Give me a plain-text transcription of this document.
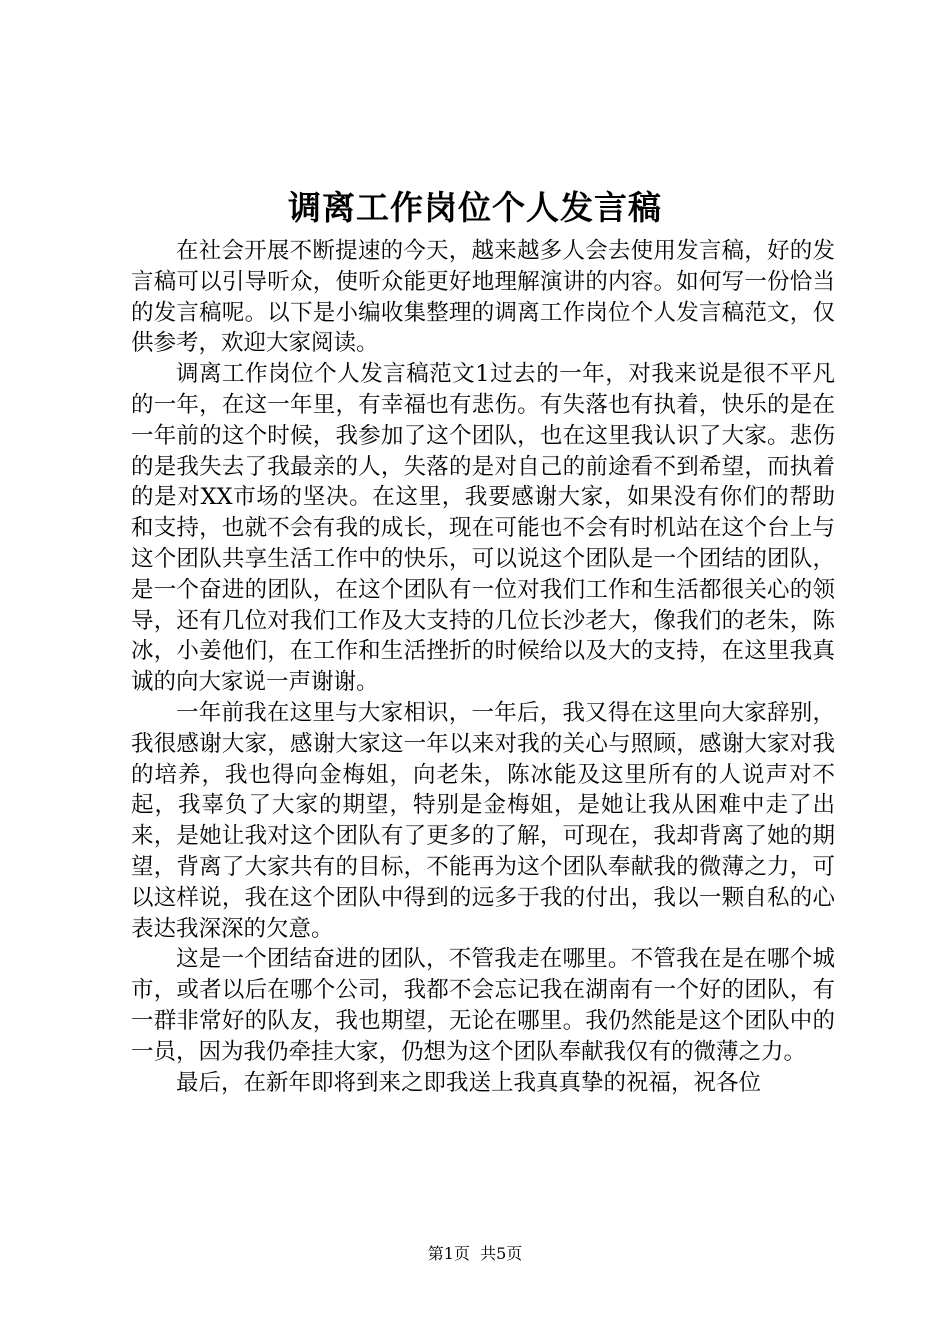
调离工作岗位个人发言稿

在社会开展不断提速的今天，越来越多人会去使用发言稿，好的发言稿可以引导听众，使听众能更好地理解演讲的内容。如何写一份恰当的发言稿呢。以下是小编收集整理的调离工作岗位个人发言稿范文，仅供参考，欢迎大家阅读。

调离工作岗位个人发言稿范文1过去的一年，对我来说是很不平凡的一年，在这一年里，有幸福也有悲伤。有失落也有执着，快乐的是在一年前的这个时候，我参加了这个团队，也在这里我认识了大家。悲伤的是我失去了我最亲的人，失落的是对自己的前途看不到希望，而执着的是对XX市场的坚决。在这里，我要感谢大家，如果没有你们的帮助和支持，也就不会有我的成长，现在可能也不会有时机站在这个台上与这个团队共享生活工作中的快乐，可以说这个团队是一个团结的团队，是一个奋进的团队，在这个团队有一位对我们工作和生活都很关心的领导，还有几位对我们工作及大支持的几位长沙老大，像我们的老朱，陈冰，小姜他们，在工作和生活挫折的时候给以及大的支持，在这里我真诚的向大家说一声谢谢。

一年前我在这里与大家相识，一年后，我又得在这里向大家辞别，我很感谢大家，感谢大家这一年以来对我的关心与照顾，感谢大家对我的培养，我也得向金梅姐，向老朱，陈冰能及这里所有的人说声对不起，我辜负了大家的期望，特别是金梅姐，是她让我从困难中走了出来，是她让我对这个团队有了更多的了解，可现在，我却背离了她的期望，背离了大家共有的目标，不能再为这个团队奉献我的微薄之力，可以这样说，我在这个团队中得到的远多于我的付出，我以一颗自私的心表达我深深的欠意。

这是一个团结奋进的团队，不管我走在哪里。不管我在是在哪个城市，或者以后在哪个公司，我都不会忘记我在湖南有一个好的团队，有一群非常好的队友，我也期望，无论在哪里。我仍然能是这个团队中的一员，因为我仍牵挂大家，仍想为这个团队奉献我仅有的微薄之力。

最后，在新年即将到来之即我送上我真真挚的祝福，祝各位

第1页  共5页
